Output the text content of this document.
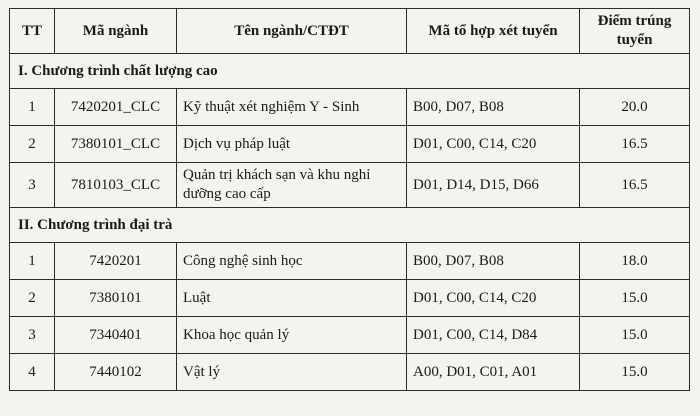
TT	Mã ngành	Tên ngành/CTĐT	Mã tổ hợp xét tuyển	Điểm trúng tuyển
I. Chương trình chất lượng cao				
1	7420201_CLC	Kỹ thuật xét nghiệm Y - Sinh	B00, D07, B08	20.0
2	7380101_CLC	Dịch vụ pháp luật	D01, C00, C14, C20	16.5
3	7810103_CLC	Quản trị khách sạn và khu nghỉ dưỡng cao cấp	D01, D14, D15, D66	16.5
II. Chương trình đại trà				
1	7420201	Công nghệ sinh học	B00, D07, B08	18.0
2	7380101	Luật	D01, C00, C14, C20	15.0
3	7340401	Khoa học quản lý	D01, C00, C14, D84	15.0
4	7440102	Vật lý	A00, D01, C01, A01	15.0
